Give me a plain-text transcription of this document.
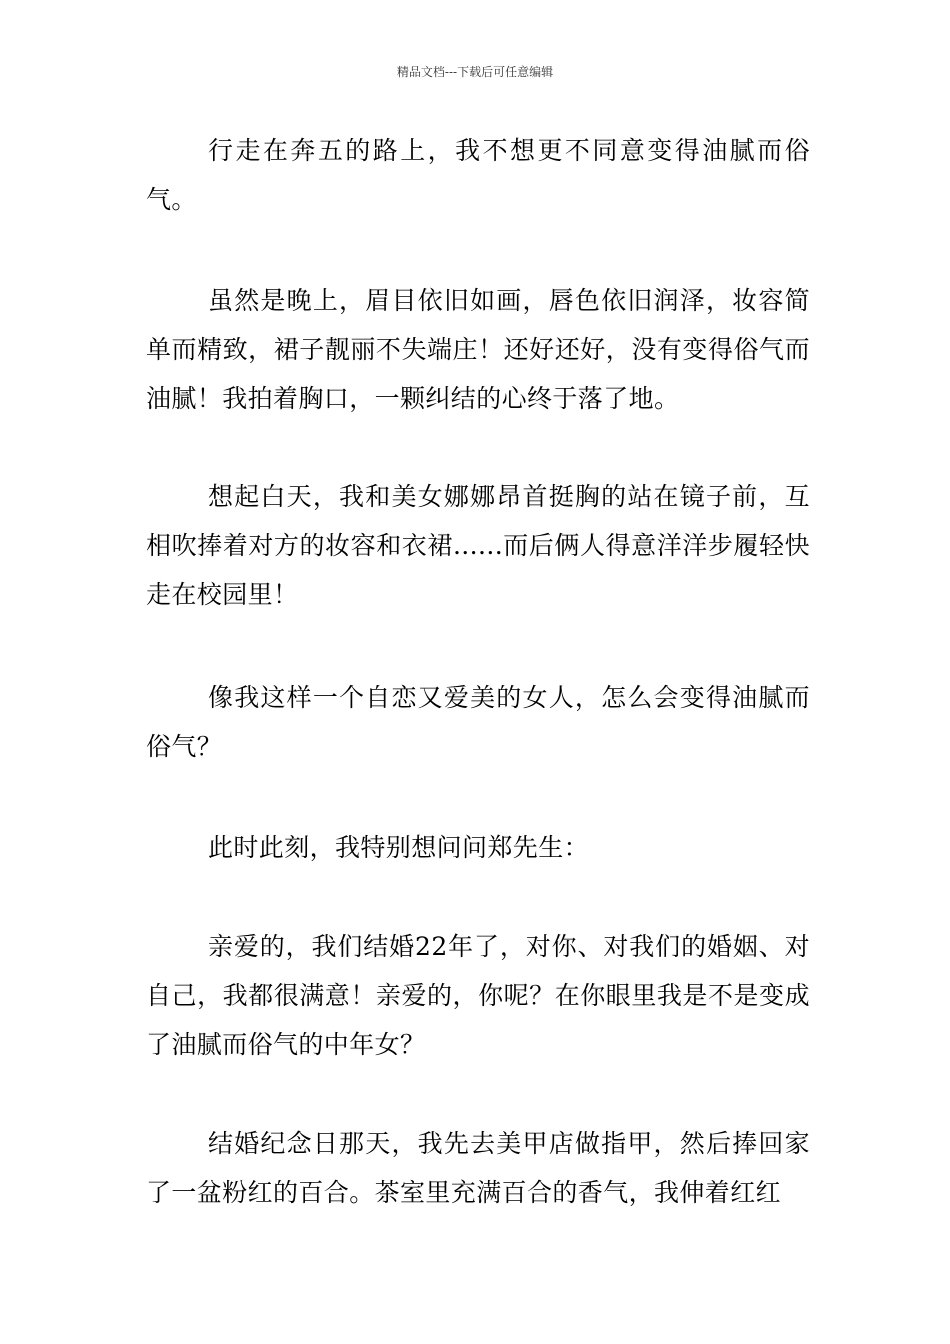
精品文档---下载后可任意编辑

行走在奔五的路上，我不想更不同意变得油腻而俗气。

虽然是晚上，眉目依旧如画，唇色依旧润泽，妆容简单而精致，裙子靓丽不失端庄！还好还好，没有变得俗气而油腻！我拍着胸口，一颗纠结的心终于落了地。

想起白天，我和美女娜娜昂首挺胸的站在镜子前，互相吹捧着对方的妆容和衣裙......而后俩人得意洋洋步履轻快走在校园里！

像我这样一个自恋又爱美的女人，怎么会变得油腻而俗气？

此时此刻，我特别想问问郑先生：

亲爱的，我们结婚22年了，对你、对我们的婚姻、对自己，我都很满意！亲爱的，你呢？在你眼里我是不是变成了油腻而俗气的中年女？

结婚纪念日那天，我先去美甲店做指甲，然后捧回家了一盆粉红的百合。茶室里充满百合的香气，我伸着红红
